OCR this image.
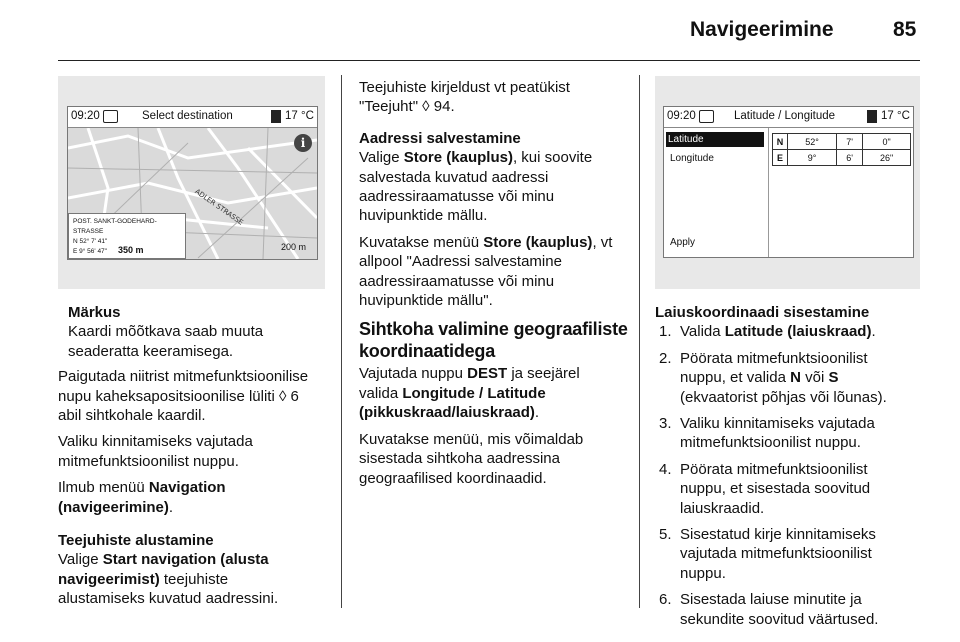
Navigeerimine	85
09:20	Select destination	17 °C
ADLER STRASSE
i
POST. SANKT-GODEHARD-STRASSE
N 52° 7' 41"
E 9° 56' 47"	350 m	200 m

Märkus

Kaardi mõõtkava saab muuta seaderatta keeramisega.

Paigutada niitrist mitmefunktsioonilise nupu kaheksapositsioonilise lüliti ◊ 6 abil sihtkohale kaardil.

Valiku kinnitamiseks vajutada mitmefunktsioonilist nuppu.

Ilmub menüü Navigation (navigeerimine).

Teejuhiste alustamine

Valige Start navigation (alusta navigeerimist) teejuhiste alustamiseks kuvatud aadressini.

Teejuhiste kirjeldust vt peatükist "Teejuht" ◊ 94.

Aadressi salvestamine

Valige Store (kauplus), kui soovite salvestada kuvatud aadressi aadressiraamatusse või minu huvipunktide mällu.

Kuvatakse menüü Store (kauplus), vt allpool "Aadressi salvestamine aadressiraamatusse või minu huvipunktide mällu".

Sihtkoha valimine geograafiliste koordinaatidega

Vajutada nuppu DEST ja seejärel valida Longitude / Latitude (pikkuskraad/laiuskraad).

Kuvatakse menüü, mis võimaldab sisestada sihtkoha aadressina geograafilised koordinaadid.

09:20	Latitude / Longitude	17 °C
Latitude
Longitude
Apply
N	52°	7'	0"
E	9°	6'	26"

Laiuskoordinaadi sisestamine

1. Valida Latitude (laiuskraad).
2. Pöörata mitmefunktsioonilist nuppu, et valida N või S (ekvaatorist põhjas või lõunas).
3. Valiku kinnitamiseks vajutada mitmefunktsioonilist nuppu.
4. Pöörata mitmefunktsioonilist nuppu, et sisestada soovitud laiuskraadid.
5. Sisestatud kirje kinnitamiseks vajutada mitmefunktsioonilist nuppu.
6. Sisestada laiuse minutite ja sekundite soovitud väärtused.
